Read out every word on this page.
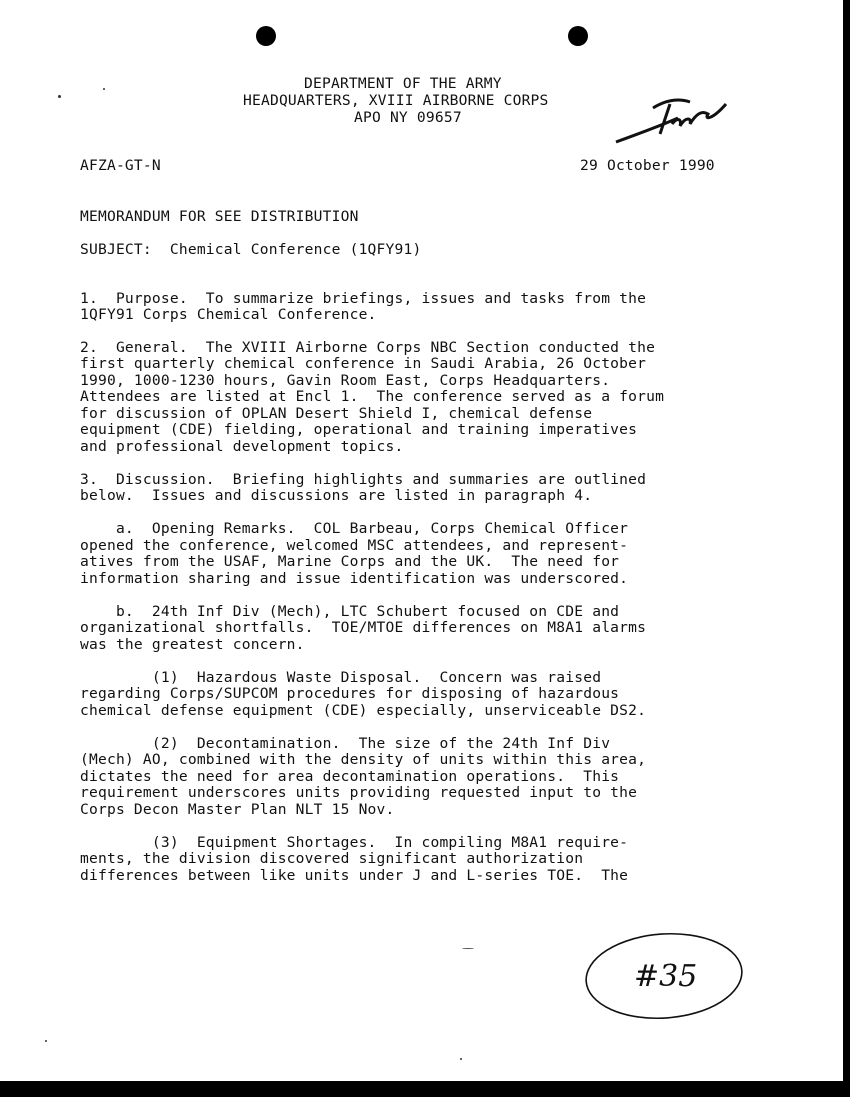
DEPARTMENT OF THE ARMY
HEADQUARTERS, XVIII AIRBORNE CORPS
APO NY 09657
AFZA-GT-N	29 October 1990
MEMORANDUM FOR SEE DISTRIBUTION
SUBJECT:  Chemical Conference (1QFY91)
1.  Purpose.  To summarize briefings, issues and tasks from the
1QFY91 Corps Chemical Conference.
2.  General.  The XVIII Airborne Corps NBC Section conducted the
first quarterly chemical conference in Saudi Arabia, 26 October
1990, 1000-1230 hours, Gavin Room East, Corps Headquarters.
Attendees are listed at Encl 1.  The conference served as a forum
for discussion of OPLAN Desert Shield I, chemical defense
equipment (CDE) fielding, operational and training imperatives
and professional development topics.
3.  Discussion.  Briefing highlights and summaries are outlined
below.  Issues and discussions are listed in paragraph 4.
a.  Opening Remarks.  COL Barbeau, Corps Chemical Officer
opened the conference, welcomed MSC attendees, and represent-
atives from the USAF, Marine Corps and the UK.  The need for
information sharing and issue identification was underscored.
b.  24th Inf Div (Mech), LTC Schubert focused on CDE and
organizational shortfalls.  TOE/MTOE differences on M8A1 alarms
was the greatest concern.
(1)  Hazardous Waste Disposal.  Concern was raised
regarding Corps/SUPCOM procedures for disposing of hazardous
chemical defense equipment (CDE) especially, unserviceable DS2.
(2)  Decontamination.  The size of the 24th Inf Div
(Mech) AO, combined with the density of units within this area,
dictates the need for area decontamination operations.  This
requirement underscores units providing requested input to the
Corps Decon Master Plan NLT 15 Nov.
(3)  Equipment Shortages.  In compiling M8A1 require-
ments, the division discovered significant authorization
differences between like units under J and L-series TOE.  The
#35
